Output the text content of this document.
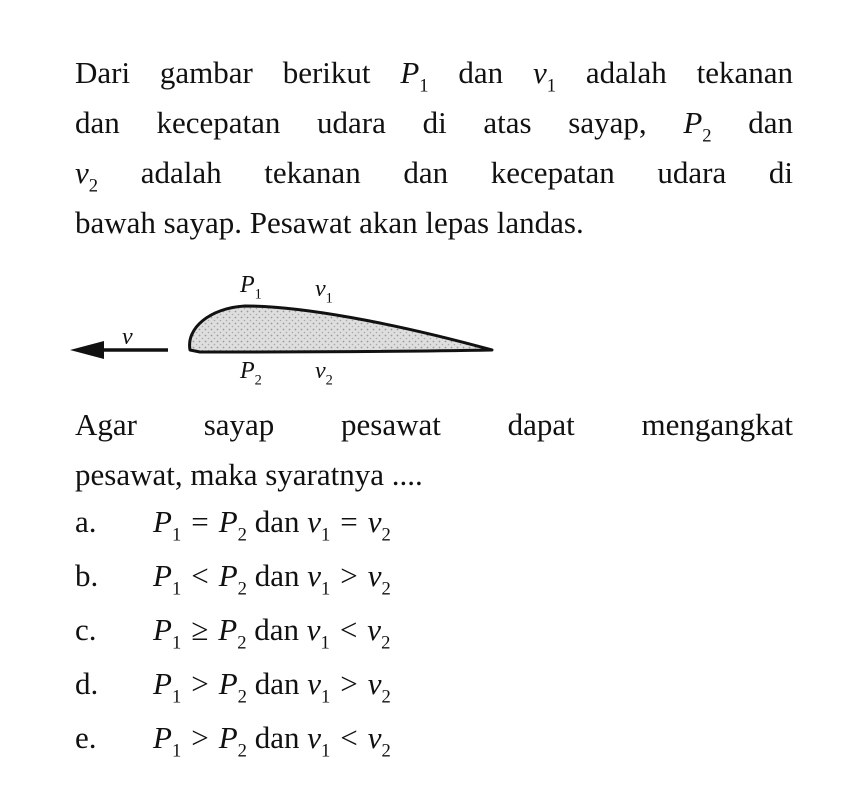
Dari gambar berikut $P_1$ dan $v_1$ adalah tekanan
dan kecepatan udara di atas sayap, $P_2$ dan
$v_2$ adalah tekanan dan kecepatan udara di
bawah sayap. Pesawat akan lepas landas.
v
$P_1$ $v_1$
$P_2$ $v_2$
Agar sayap pesawat dapat mengangkat
pesawat, maka syaratnya ....
a. $P_1 = P_2$ dan $v_1 = v_2$
b. $P_1 < P_2$ dan $v_1 > v_2$
c. $P_1 \ge P_2$ dan $v_1 < v_2$
d. $P_1 > P_2$ dan $v_1 > v_2$
e. $P_1 > P_2$ dan $v_1 < v_2$
